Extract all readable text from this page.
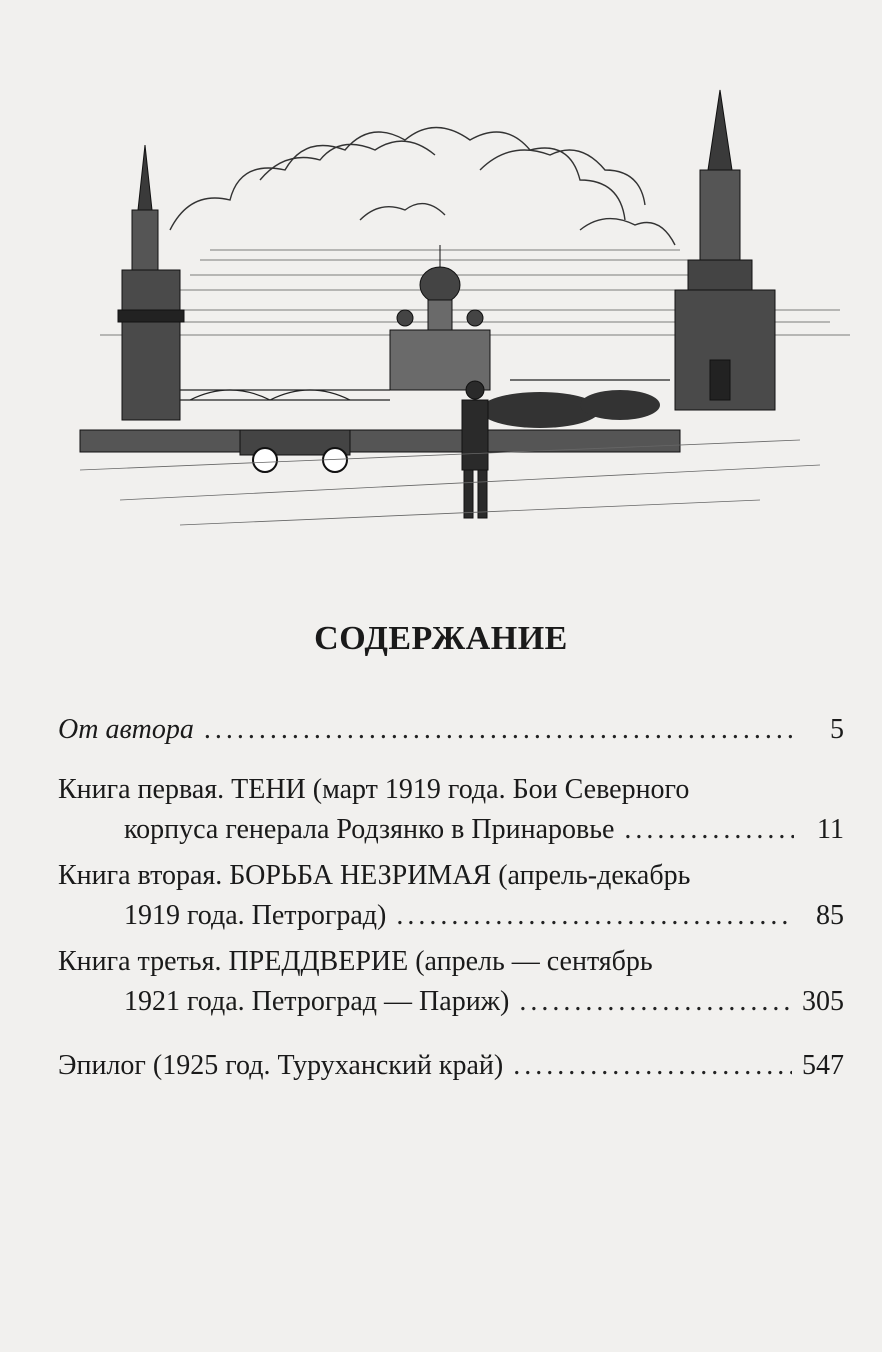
СОДЕРЖАНИЕ
От автора .....	5
Книга первая. ТЕНИ (март 1919 года. Бои Северного
корпуса генерала Родзянко в Принаровье .....	11
Книга вторая. БОРЬБА НЕЗРИМАЯ (апрель-декабрь
1919 года. Петроград) .....	85
Книга третья. ПРЕДДВЕРИЕ (апрель — сентябрь
1921 года. Петроград — Париж) .....	305
Эпилог (1925 год. Туруханский край) .....	547
